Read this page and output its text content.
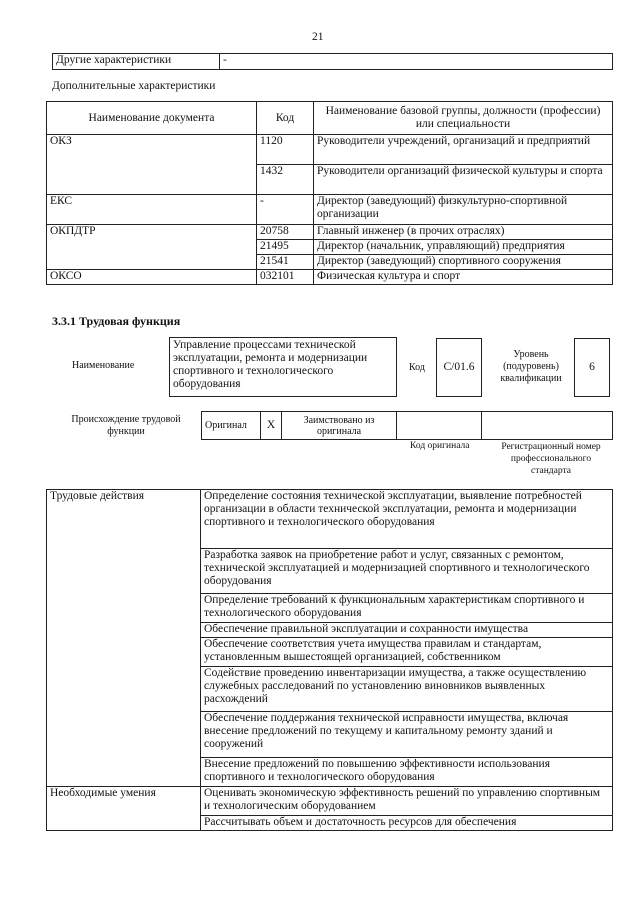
21
Другие характеристики	-
Дополнительные характеристики
Наименование документа	Код	Наименование базовой группы, должности (профессии) или специальности
ОКЗ	1120	Руководители учреждений, организаций и предприятий
	1432	Руководители организаций физической культуры и спорта
ЕКС	-	Директор (заведующий) физкультурно-спортивной организации
ОКПДТР	20758	Главный инженер (в прочих отраслях)
	21495	Директор (начальник, управляющий) предприятия
	21541	Директор (заведующий) спортивного сооружения
ОКСО	032101	Физическая культура и спорт
3.3.1 Трудовая функция
Наименование
Управление процессами технической эксплуатации, ремонта и модернизации спортивного и технологического оборудования
Код	C/01.6
Уровень (подуровень) квалификации
6
Происхождение трудовой функции
Оригинал	X	Заимствовано из оригинала		
Код оригинала	Регистрационный номер профессионального стандарта
Трудовые действия	Определение состояния технической эксплуатации, выявление потребностей организации в области технической эксплуатации, ремонта и модернизации спортивного и технологического оборудования
	Разработка заявок на приобретение работ и услуг, связанных с ремонтом, технической эксплуатацией и модернизацией спортивного и технологического оборудования
	Определение требований к функциональным характеристикам спортивного и технологического оборудования
	Обеспечение правильной эксплуатации и сохранности имущества
	Обеспечение соответствия учета имущества правилам и стандартам, установленным вышестоящей организацией, собственником
	Содействие проведению инвентаризации имущества, а также осуществлению служебных расследований по установлению виновников выявленных расхождений
	Обеспечение поддержания технической исправности имущества, включая внесение предложений по текущему и капитальному ремонту зданий и сооружений
	Внесение предложений по повышению эффективности использования спортивного и технологического оборудования
Необходимые умения	Оценивать экономическую эффективность решений по управлению спортивным и технологическим оборудованием
	Рассчитывать объем и достаточность ресурсов для обеспечения
